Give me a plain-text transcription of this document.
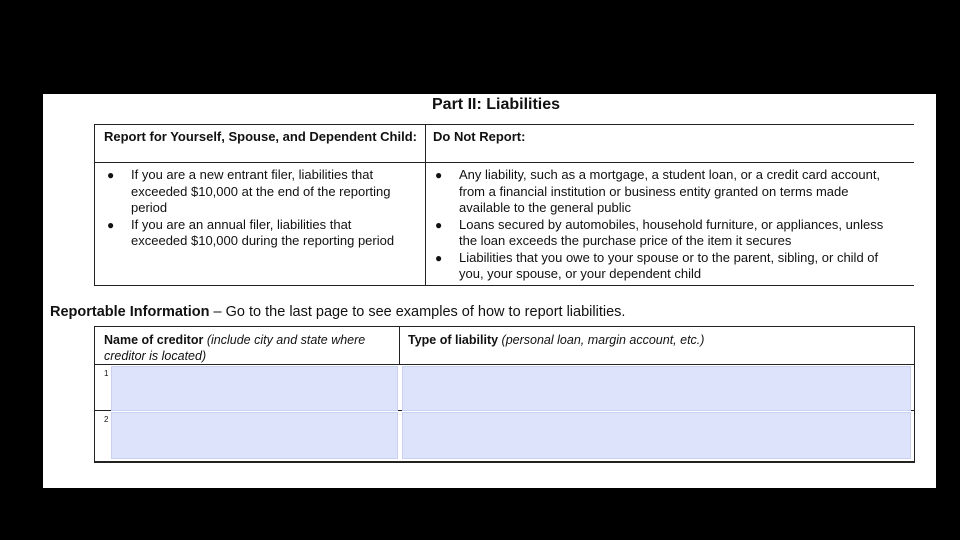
Part II: Liabilities
Report for Yourself, Spouse, and Dependent Child: Do Not Report:
● If you are a new entrant filer, liabilities that exceeded $10,000 at the end of the reporting period
● If you are an annual filer, liabilities that exceeded $10,000 during the reporting period
● Any liability, such as a mortgage, a student loan, or a credit card account, from a financial institution or business entity granted on terms made available to the general public
● Loans secured by automobiles, household furniture, or appliances, unless the loan exceeds the purchase price of the item it secures
● Liabilities that you owe to your spouse or to the parent, sibling, or child of you, your spouse, or your dependent child
Reportable Information – Go to the last page to see examples of how to report liabilities.
Name of creditor (include city and state where creditor is located)
Type of liability (personal loan, margin account, etc.)
1
2
